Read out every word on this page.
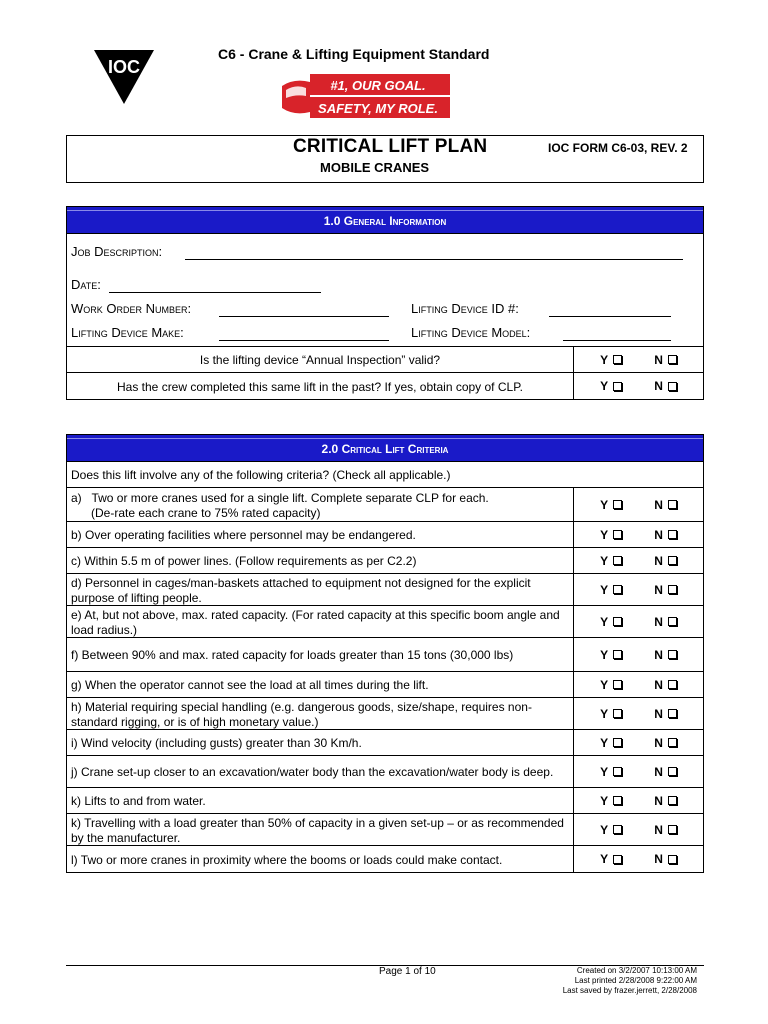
IOC
C6 - Crane & Lifting Equipment Standard
#1, OUR GOAL.
SAFETY, MY ROLE.
CRITICAL LIFT PLAN
MOBILE CRANES
IOC FORM C6-03, REV. 2
1.0 General Information
Job Description:
Date:
Work Order Number:	Lifting Device ID #:
Lifting Device Make:	Lifting Device Model:
Is the lifting device “Annual Inspection” valid?	Y	N
Has the crew completed this same lift in the past? If yes, obtain copy of CLP.	Y	N
2.0 Critical Lift Criteria
Does this lift involve any of the following criteria? (Check all applicable.)
a)   Two or more cranes used for a single lift. Complete separate CLP for each.
(De-rate each crane to 75% rated capacity)
Y	N
b) Over operating facilities where personnel may be endangered.	Y	N
c) Within 5.5 m of power lines. (Follow requirements as per C2.2)	Y	N
d) Personnel in cages/man-baskets attached to equipment not designed for the explicit purpose of lifting people.
Y	N
e) At, but not above, max. rated capacity. (For rated capacity at this specific boom angle and load radius.)
Y	N
f) Between 90% and max. rated capacity for loads greater than 15 tons (30,000 lbs)	Y	N
g) When the operator cannot see the load at all times during the lift.	Y	N
h) Material requiring special handling (e.g. dangerous goods, size/shape, requires non-standard rigging, or is of high monetary value.)
Y	N
i) Wind velocity (including gusts) greater than 30 Km/h.	Y	N
j) Crane set-up closer to an excavation/water body than the excavation/water body is deep.	Y	N
k) Lifts to and from water.	Y	N
k) Travelling with a load greater than 50% of capacity in a given set-up – or as recommended by the manufacturer.
Y	N
l) Two or more cranes in proximity where the booms or loads could make contact.	Y	N
Page 1 of 10	Created on 3/2/2007 10:13:00 AM
Last printed 2/28/2008 9:22:00 AM
Last saved by frazer.jerrett, 2/28/2008
